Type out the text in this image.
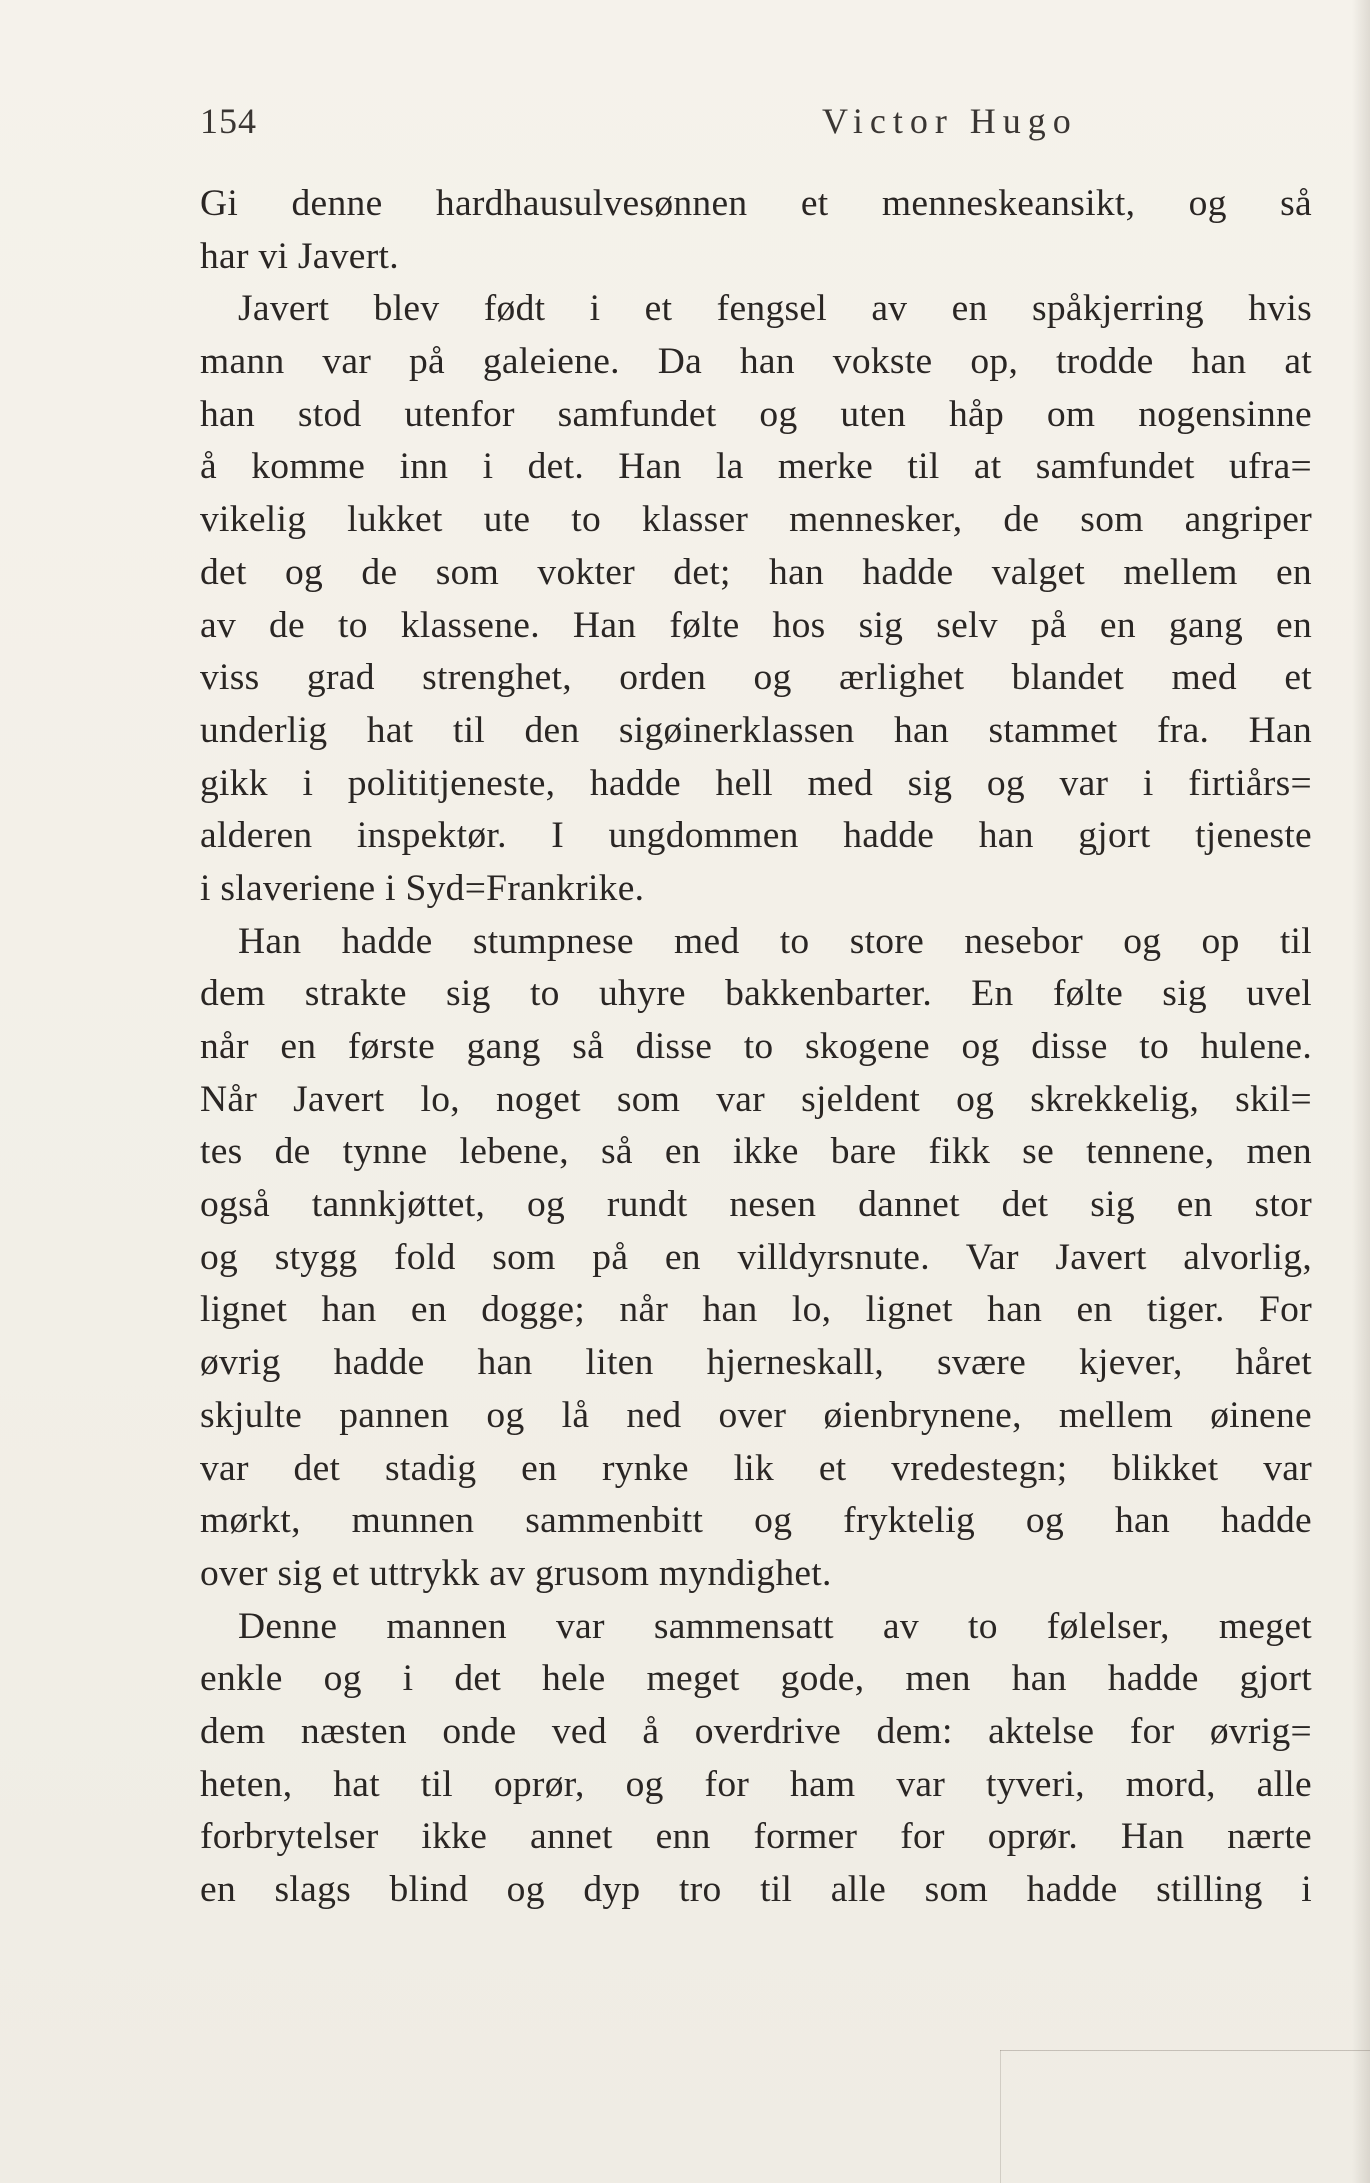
154	Victor Hugo
Gi denne hardhausulvesønnen et menneskeansikt, og så
har vi Javert.
Javert blev født i et fengsel av en spåkjerring hvis
mann var på galeiene. Da han vokste op, trodde han at
han stod utenfor samfundet og uten håp om nogensinne
å komme inn i det. Han la merke til at samfundet ufra=
vikelig lukket ute to klasser mennesker, de som angriper
det og de som vokter det; han hadde valget mellem en
av de to klassene. Han følte hos sig selv på en gang en
viss grad strenghet, orden og ærlighet blandet med et
underlig hat til den sigøinerklassen han stammet fra. Han
gikk i polititjeneste, hadde hell med sig og var i firtiårs=
alderen inspektør. I ungdommen hadde han gjort tjeneste
i slaveriene i Syd=Frankrike.
Han hadde stumpnese med to store nesebor og op til
dem strakte sig to uhyre bakkenbarter. En følte sig uvel
når en første gang så disse to skogene og disse to hulene.
Når Javert lo, noget som var sjeldent og skrekkelig, skil=
tes de tynne lebene, så en ikke bare fikk se tennene, men
også tannkjøttet, og rundt nesen dannet det sig en stor
og stygg fold som på en villdyrsnute. Var Javert alvorlig,
lignet han en dogge; når han lo, lignet han en tiger. For
øvrig hadde han liten hjerneskall, svære kjever, håret
skjulte pannen og lå ned over øienbrynene, mellem øinene
var det stadig en rynke lik et vredestegn; blikket var
mørkt, munnen sammenbitt og fryktelig og han hadde
over sig et uttrykk av grusom myndighet.
Denne mannen var sammensatt av to følelser, meget
enkle og i det hele meget gode, men han hadde gjort
dem næsten onde ved å overdrive dem: aktelse for øvrig=
heten, hat til oprør, og for ham var tyveri, mord, alle
forbrytelser ikke annet enn former for oprør. Han nærte
en slags blind og dyp tro til alle som hadde stilling i
